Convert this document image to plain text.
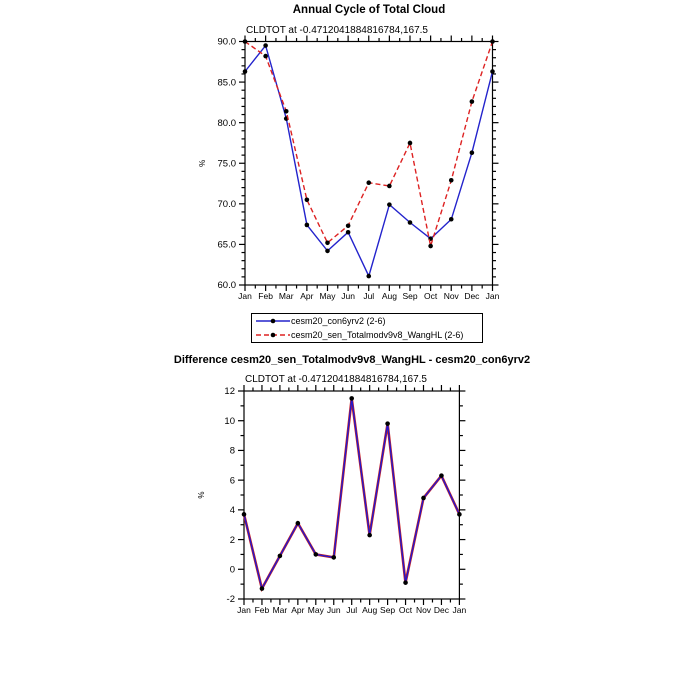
90.0
85.0
80.0
75.0
70.0
65.0
60.0
Jan Feb Mar Apr May Jun Jul Aug Sep Oct Nov Dec Jan
%
12
10
8
6
4
2
0
-2
Jan Feb Mar Apr May Jun Jul Aug Sep Oct Nov Dec Jan
%
Annual Cycle of Total Cloud
CLDTOT at -0.4712041884816784,167.5
Difference cesm20_sen_Totalmodv9v8_WangHL - cesm20_con6yrv2
CLDTOT at -0.4712041884816784,167.5
cesm20_con6yrv2 (2-6)
cesm20_sen_Totalmodv9v8_WangHL (2-6)
